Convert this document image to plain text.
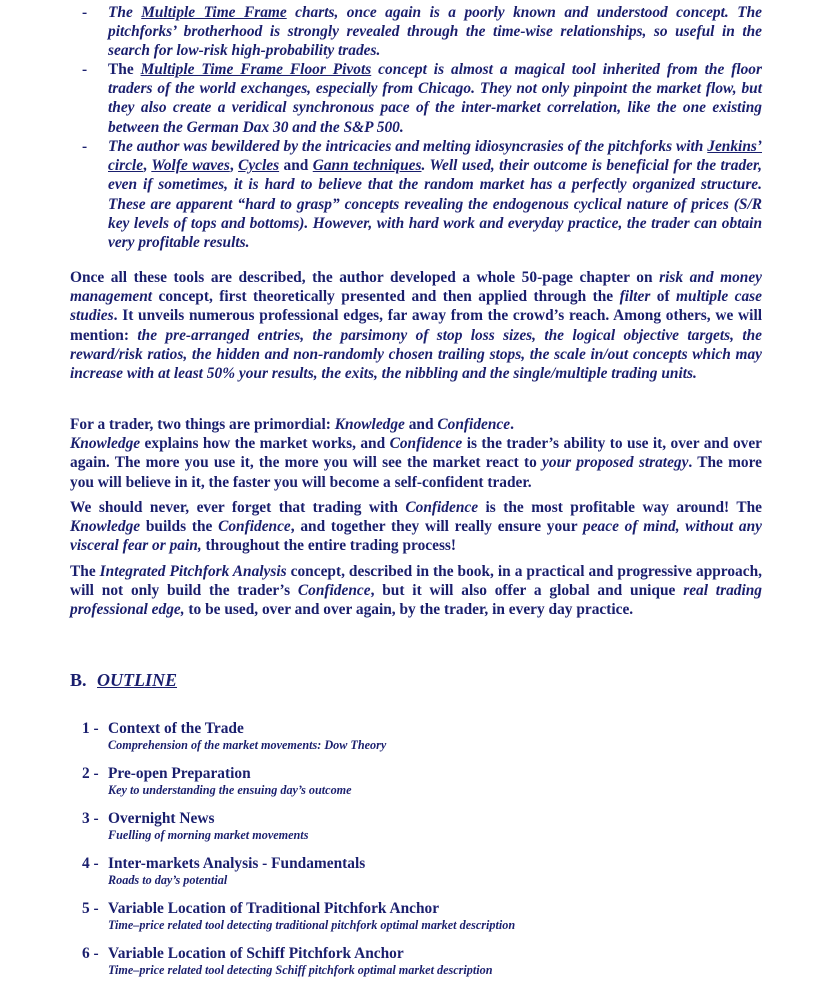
- The Multiple Time Frame charts, once again is a poorly known and understood concept. The pitchforks’ brotherhood is strongly revealed through the time-wise relationships, so useful in the search for low-risk high-probability trades.
- The Multiple Time Frame Floor Pivots concept is almost a magical tool inherited from the floor traders of the world exchanges, especially from Chicago. They not only pinpoint the market flow, but they also create a veridical synchronous pace of the inter-market correlation, like the one existing between the German Dax 30 and the S&P 500.
- The author was bewildered by the intricacies and melting idiosyncrasies of the pitchforks with Jenkins’ circle, Wolfe waves, Cycles and Gann techniques. Well used, their outcome is beneficial for the trader, even if sometimes, it is hard to believe that the random market has a perfectly organized structure. These are apparent “hard to grasp” concepts revealing the endogenous cyclical nature of prices (S/R key levels of tops and bottoms). However, with hard work and everyday practice, the trader can obtain very profitable results.

Once all these tools are described, the author developed a whole 50-page chapter on risk and money management concept, first theoretically presented and then applied through the filter of multiple case studies. It unveils numerous professional edges, far away from the crowd’s reach. Among others, we will mention: the pre-arranged entries, the parsimony of stop loss sizes, the logical objective targets, the reward/risk ratios, the hidden and non-randomly chosen trailing stops, the scale in/out concepts which may increase with at least 50% your results, the exits, the nibbling and the single/multiple trading units.

For a trader, two things are primordial: Knowledge and Confidence.
Knowledge explains how the market works, and Confidence is the trader’s ability to use it, over and over again. The more you use it, the more you will see the market react to your proposed strategy. The more you will believe in it, the faster you will become a self-confident trader.

We should never, ever forget that trading with Confidence is the most profitable way around! The Knowledge builds the Confidence, and together they will really ensure your peace of mind, without any visceral fear or pain, throughout the entire trading process!

The Integrated Pitchfork Analysis concept, described in the book, in a practical and progressive approach, will not only build the trader’s Confidence, but it will also offer a global and unique real trading professional edge, to be used, over and over again, by the trader, in every day practice.

B. OUTLINE
1 - Context of the Trade
Comprehension of the market movements: Dow Theory
2 - Pre-open Preparation
Key to understanding the ensuing day’s outcome
3 - Overnight News
Fuelling of morning market movements
4 - Inter-markets Analysis - Fundamentals
Roads to day’s potential
5 - Variable Location of Traditional Pitchfork Anchor
Time–price related tool detecting traditional pitchfork optimal market description
6 - Variable Location of Schiff Pitchfork Anchor
Time–price related tool detecting Schiff pitchfork optimal market description
